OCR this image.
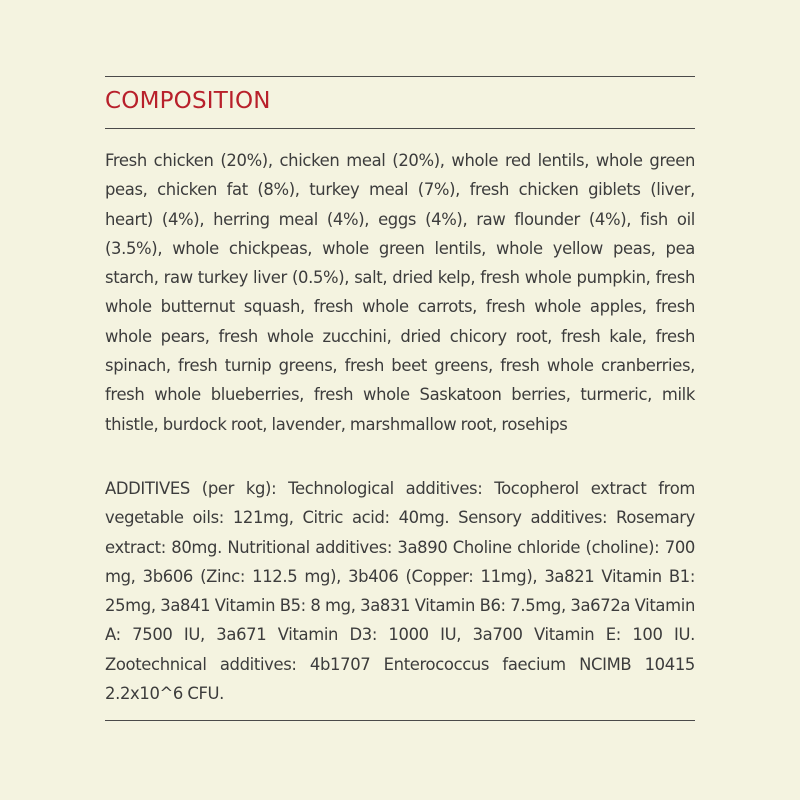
COMPOSITION

Fresh chicken (20%), chicken meal (20%), whole red lentils, whole green peas, chicken fat (8%), turkey meal (7%), fresh chicken giblets (liver, heart) (4%), herring meal (4%), eggs (4%), raw flounder (4%), fish oil (3.5%), whole chickpeas, whole green lentils, whole yellow peas, pea starch, raw turkey liver (0.5%), salt, dried kelp, fresh whole pumpkin, fresh whole butternut squash, fresh whole carrots, fresh whole apples, fresh whole pears, fresh whole zucchini, dried chicory root, fresh kale, fresh spinach, fresh turnip greens, fresh beet greens, fresh whole cranberries, fresh whole blueberries, fresh whole Saskatoon berries, turmeric, milk thistle, burdock root, lavender, marshmallow root, rosehips

ADDITIVES (per kg): Technological additives: Tocopherol extract from vegetable oils: 121mg, Citric acid: 40mg. Sensory additives: Rosemary extract: 80mg. Nutritional additives: 3a890 Choline chloride (choline): 700 mg, 3b606 (Zinc: 112.5 mg), 3b406 (Copper: 11mg), 3a821 Vitamin B1: 25mg, 3a841 Vitamin B5: 8 mg, 3a831 Vitamin B6: 7.5mg, 3a672a Vitamin A: 7500 IU, 3a671 Vitamin D3: 1000 IU, 3a700 Vitamin E: 100 IU. Zootechnical additives: 4b1707 Enterococcus faecium NCIMB 10415 2.2x10^6 CFU.
